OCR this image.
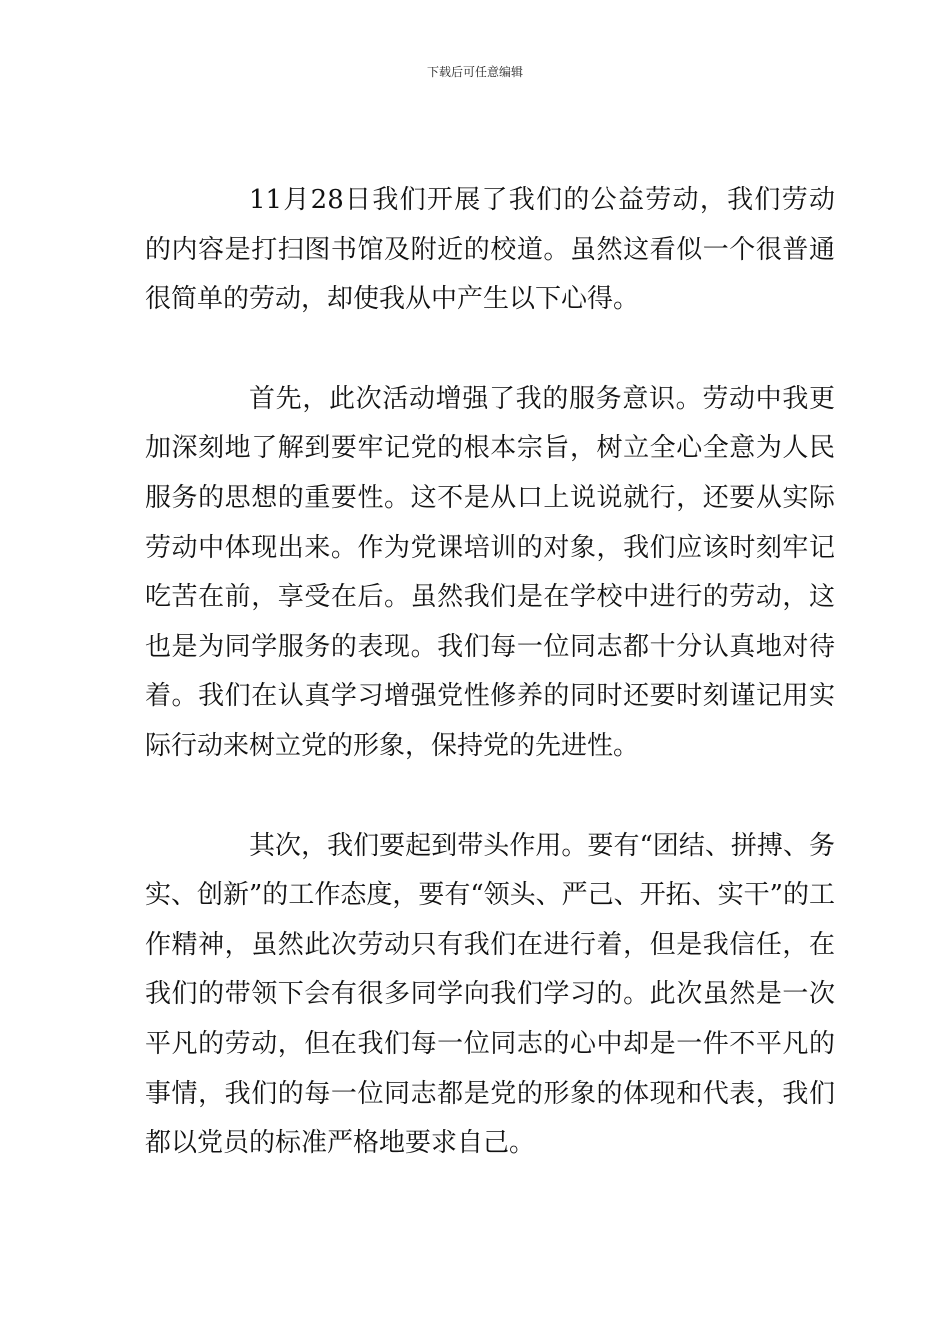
下载后可任意编辑

11月28日我们开展了我们的公益劳动，我们劳动的内容是打扫图书馆及附近的校道。虽然这看似一个很普通很简单的劳动，却使我从中产生以下心得。

首先，此次活动增强了我的服务意识。劳动中我更加深刻地了解到要牢记党的根本宗旨，树立全心全意为人民服务的思想的重要性。这不是从口上说说就行，还要从实际劳动中体现出来。作为党课培训的对象，我们应该时刻牢记吃苦在前，享受在后。虽然我们是在学校中进行的劳动，这也是为同学服务的表现。我们每一位同志都十分认真地对待着。我们在认真学习增强党性修养的同时还要时刻谨记用实际行动来树立党的形象，保持党的先进性。

其次，我们要起到带头作用。要有“团结、拼搏、务实、创新”的工作态度，要有“领头、严己、开拓、实干”的工作精神，虽然此次劳动只有我们在进行着，但是我信任，在我们的带领下会有很多同学向我们学习的。此次虽然是一次平凡的劳动，但在我们每一位同志的心中却是一件不平凡的事情，我们的每一位同志都是党的形象的体现和代表，我们都以党员的标准严格地要求自己。
